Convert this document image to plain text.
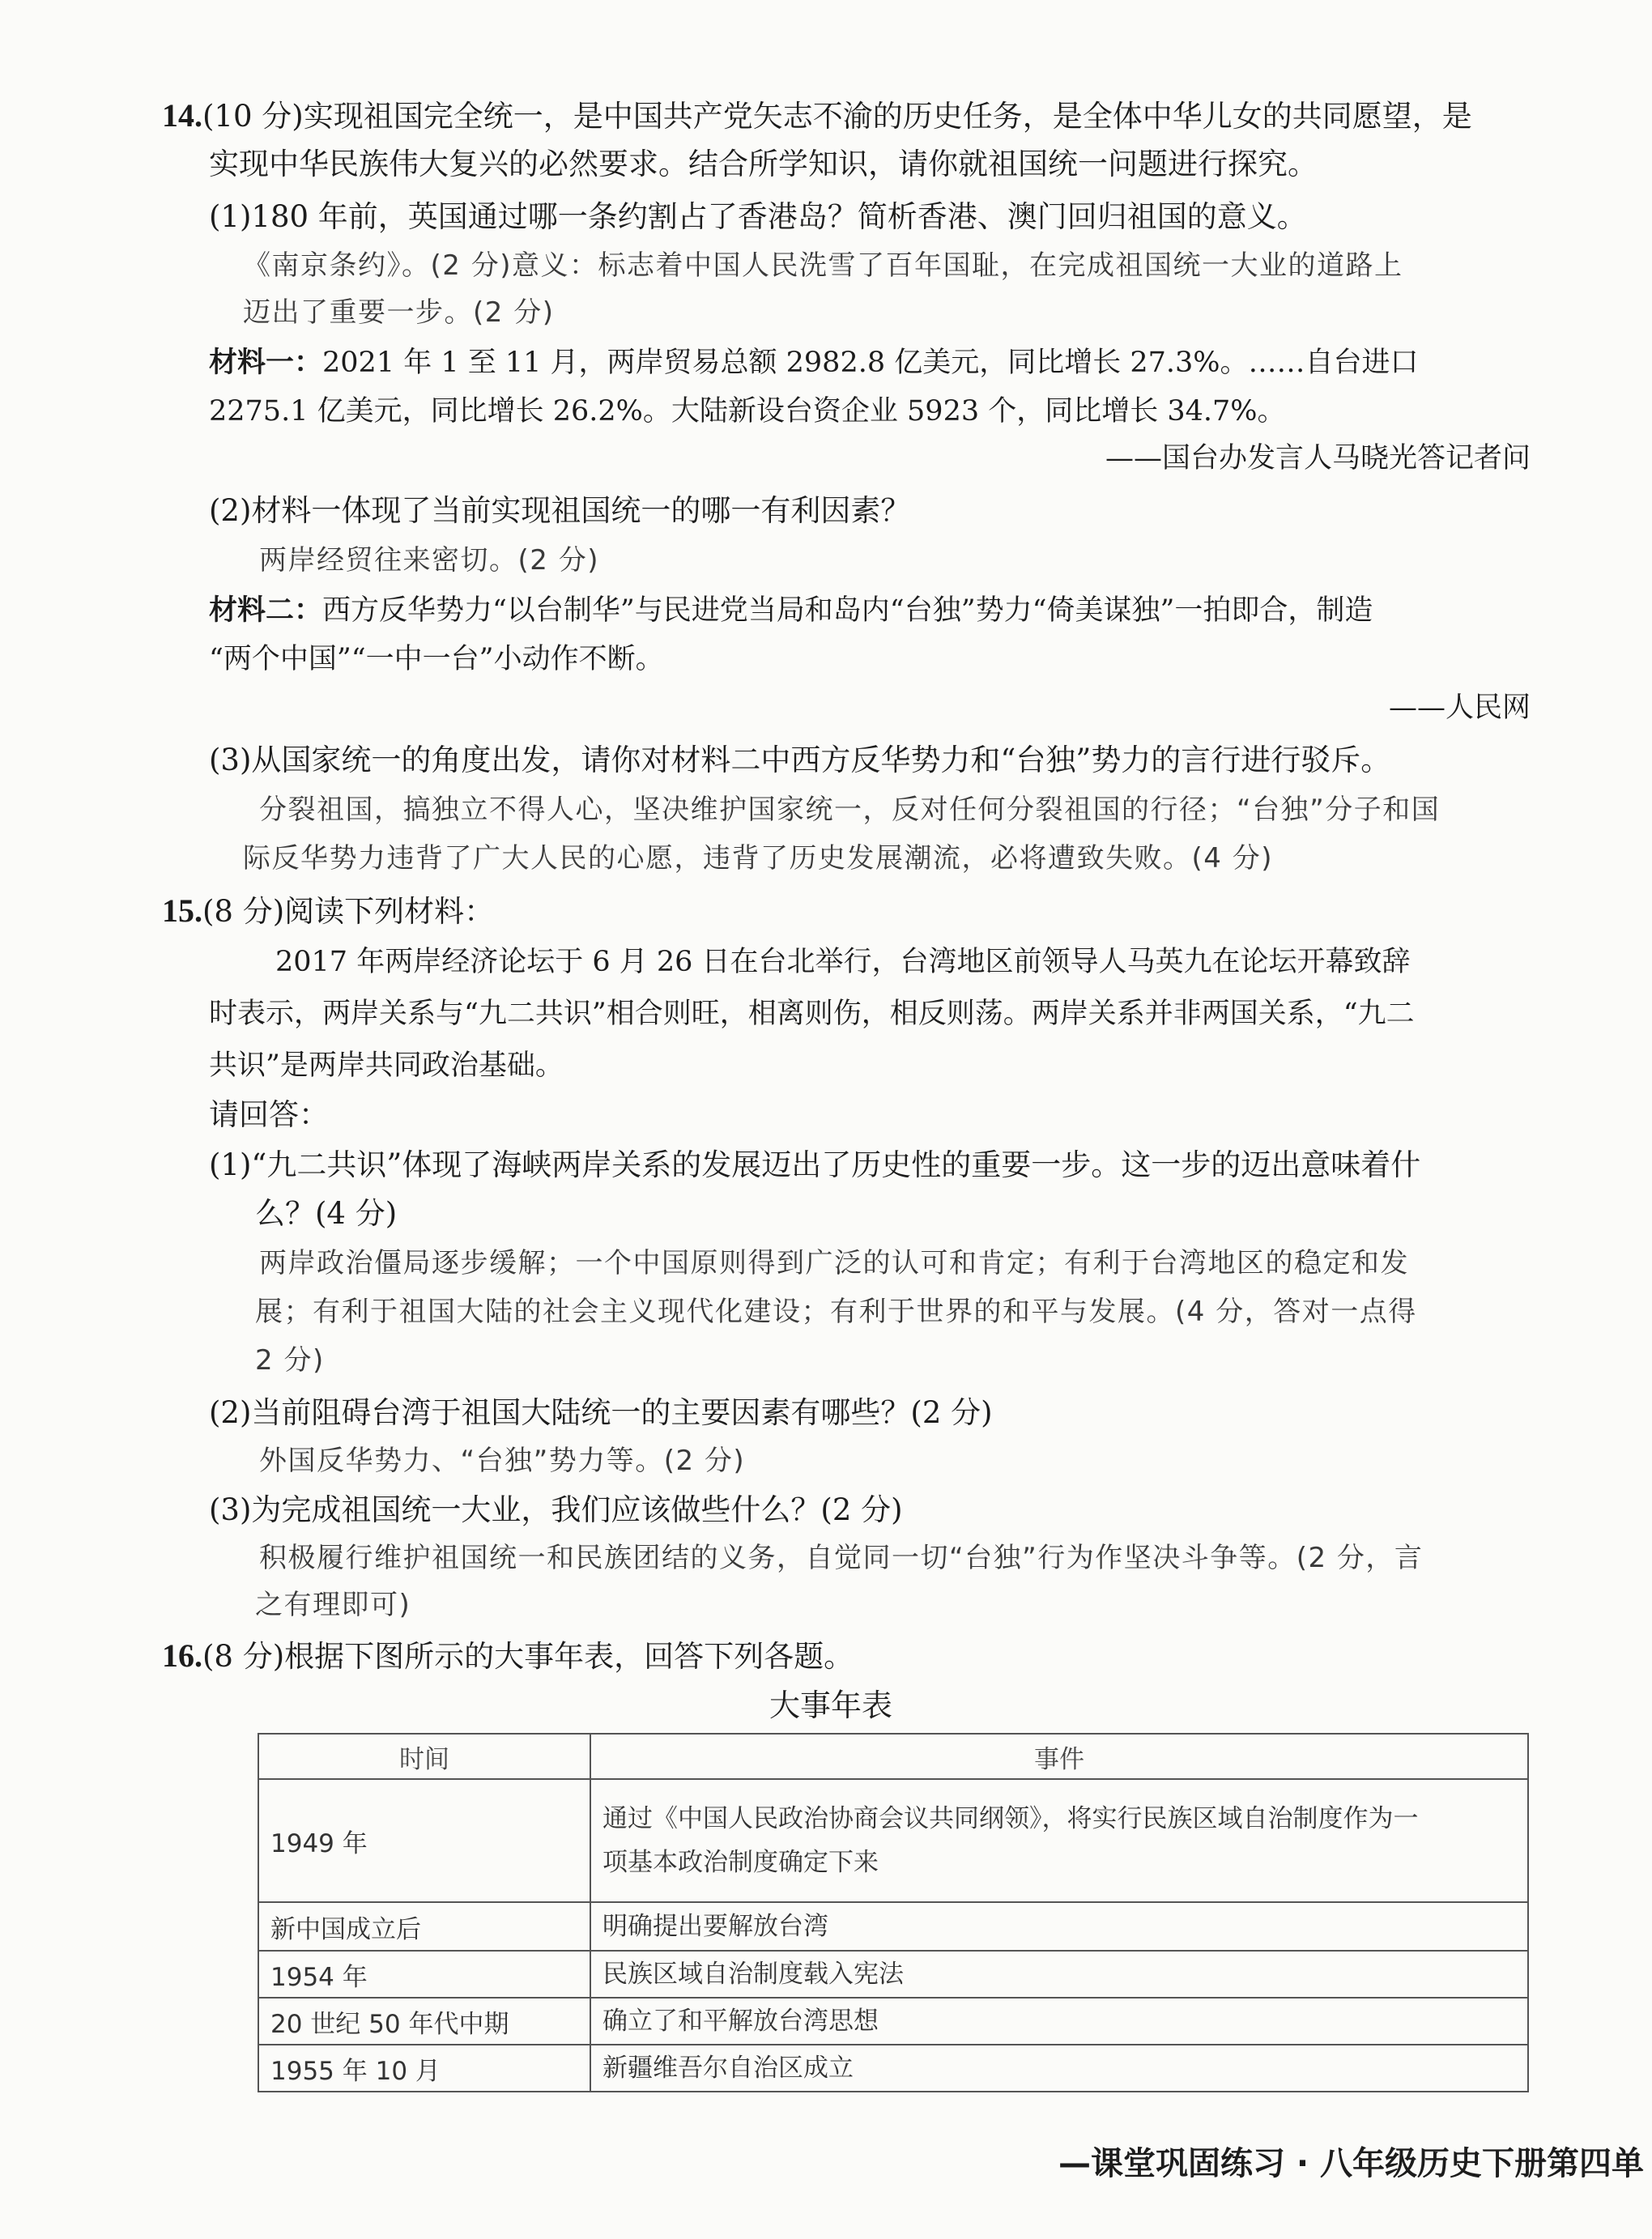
14.(10 分)实现祖国完全统一，是中国共产党矢志不渝的历史任务，是全体中华儿女的共同愿望，是
实现中华民族伟大复兴的必然要求。结合所学知识，请你就祖国统一问题进行探究。
(1)180 年前，英国通过哪一条约割占了香港岛？简析香港、澳门回归祖国的意义。
《南京条约》。(2 分)意义：标志着中国人民洗雪了百年国耻，在完成祖国统一大业的道路上
迈出了重要一步。(2 分)
材料一：2021 年 1 至 11 月，两岸贸易总额 2982.8 亿美元，同比增长 27.3%。……自台进口
2275.1 亿美元，同比增长 26.2%。大陆新设台资企业 5923 个，同比增长 34.7%。
——国台办发言人马晓光答记者问
(2)材料一体现了当前实现祖国统一的哪一有利因素？
两岸经贸往来密切。(2 分)
材料二：西方反华势力“以台制华”与民进党当局和岛内“台独”势力“倚美谋独”一拍即合，制造
“两个中国”“一中一台”小动作不断。
——人民网
(3)从国家统一的角度出发，请你对材料二中西方反华势力和“台独”势力的言行进行驳斥。
分裂祖国，搞独立不得人心，坚决维护国家统一，反对任何分裂祖国的行径；“台独”分子和国
际反华势力违背了广大人民的心愿，违背了历史发展潮流，必将遭致失败。(4 分)
15.(8 分)阅读下列材料：
2017 年两岸经济论坛于 6 月 26 日在台北举行，台湾地区前领导人马英九在论坛开幕致辞
时表示，两岸关系与“九二共识”相合则旺，相离则伤，相反则荡。两岸关系并非两国关系，“九二
共识”是两岸共同政治基础。
请回答：
(1)“九二共识”体现了海峡两岸关系的发展迈出了历史性的重要一步。这一步的迈出意味着什
么？(4 分)
两岸政治僵局逐步缓解；一个中国原则得到广泛的认可和肯定；有利于台湾地区的稳定和发
展；有利于祖国大陆的社会主义现代化建设；有利于世界的和平与发展。(4 分，答对一点得
2 分)
(2)当前阻碍台湾于祖国大陆统一的主要因素有哪些？(2 分)
外国反华势力、“台独”势力等。(2 分)
(3)为完成祖国统一大业，我们应该做些什么？(2 分)
积极履行维护祖国统一和民族团结的义务，自觉同一切“台独”行为作坚决斗争等。(2 分，言
之有理即可)
16.(8 分)根据下图所示的大事年表，回答下列各题。
大事年表
时间	事件
1949 年	通过《中国人民政治协商会议共同纲领》，将实行民族区域自治制度作为一
项基本政治制度确定下来

新中国成立后	明确提出要解放台湾
1954 年	民族区域自治制度载入宪法
20 世纪 50 年代中期	确立了和平解放台湾思想
1955 年 10 月	新疆维吾尔自治区成立
—课堂巩固练习 · 八年级历史下册第四单
